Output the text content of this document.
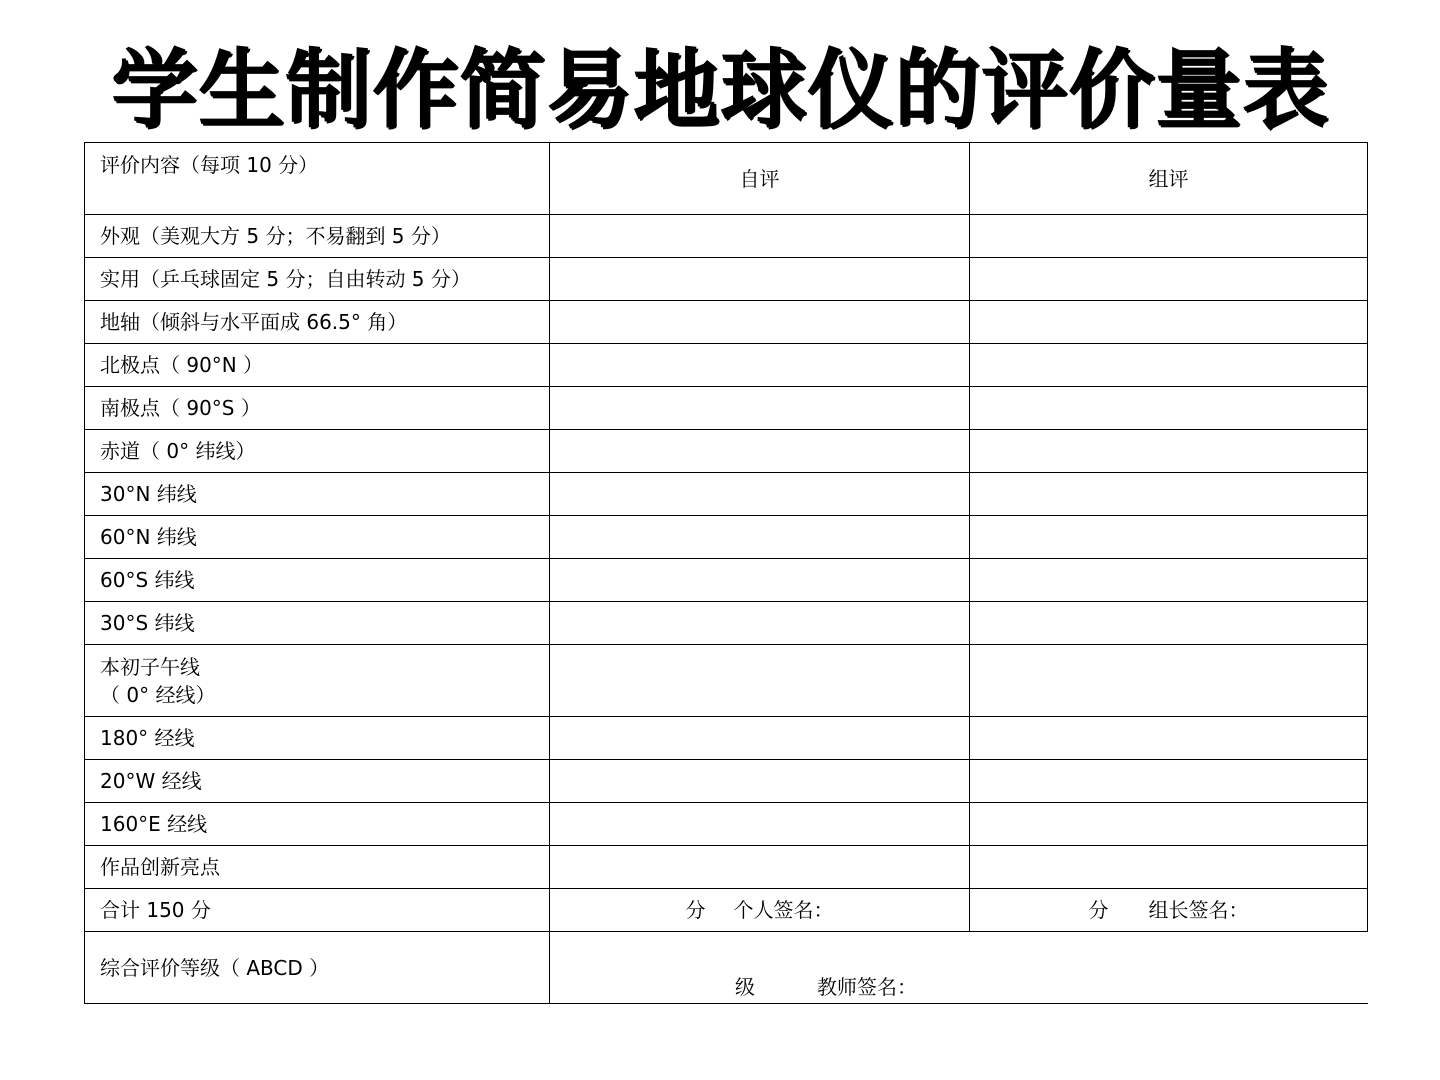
学生制作简易地球仪的评价量表
评价内容（每项 10 分）	自评	组评
外观（美观大方 5 分；不易翻到 5 分）		
实用（乒乓球固定 5 分；自由转动 5 分）		
地轴（倾斜与水平面成 66.5° 角）		
北极点（ 90°N ）		
南极点（ 90°S ）		
赤道（ 0° 纬线）		
30°N 纬线		
60°N 纬线		
60°S 纬线		
30°S 纬线		

本初子午线
（ 0° 经线）		

180° 经线		
20°W 经线		
160°E 经线		
作品创新亮点		
合计 150 分	分 个人签名：	分 组长签名：
综合评价等级（ ABCD ）	级 教师签名：	
